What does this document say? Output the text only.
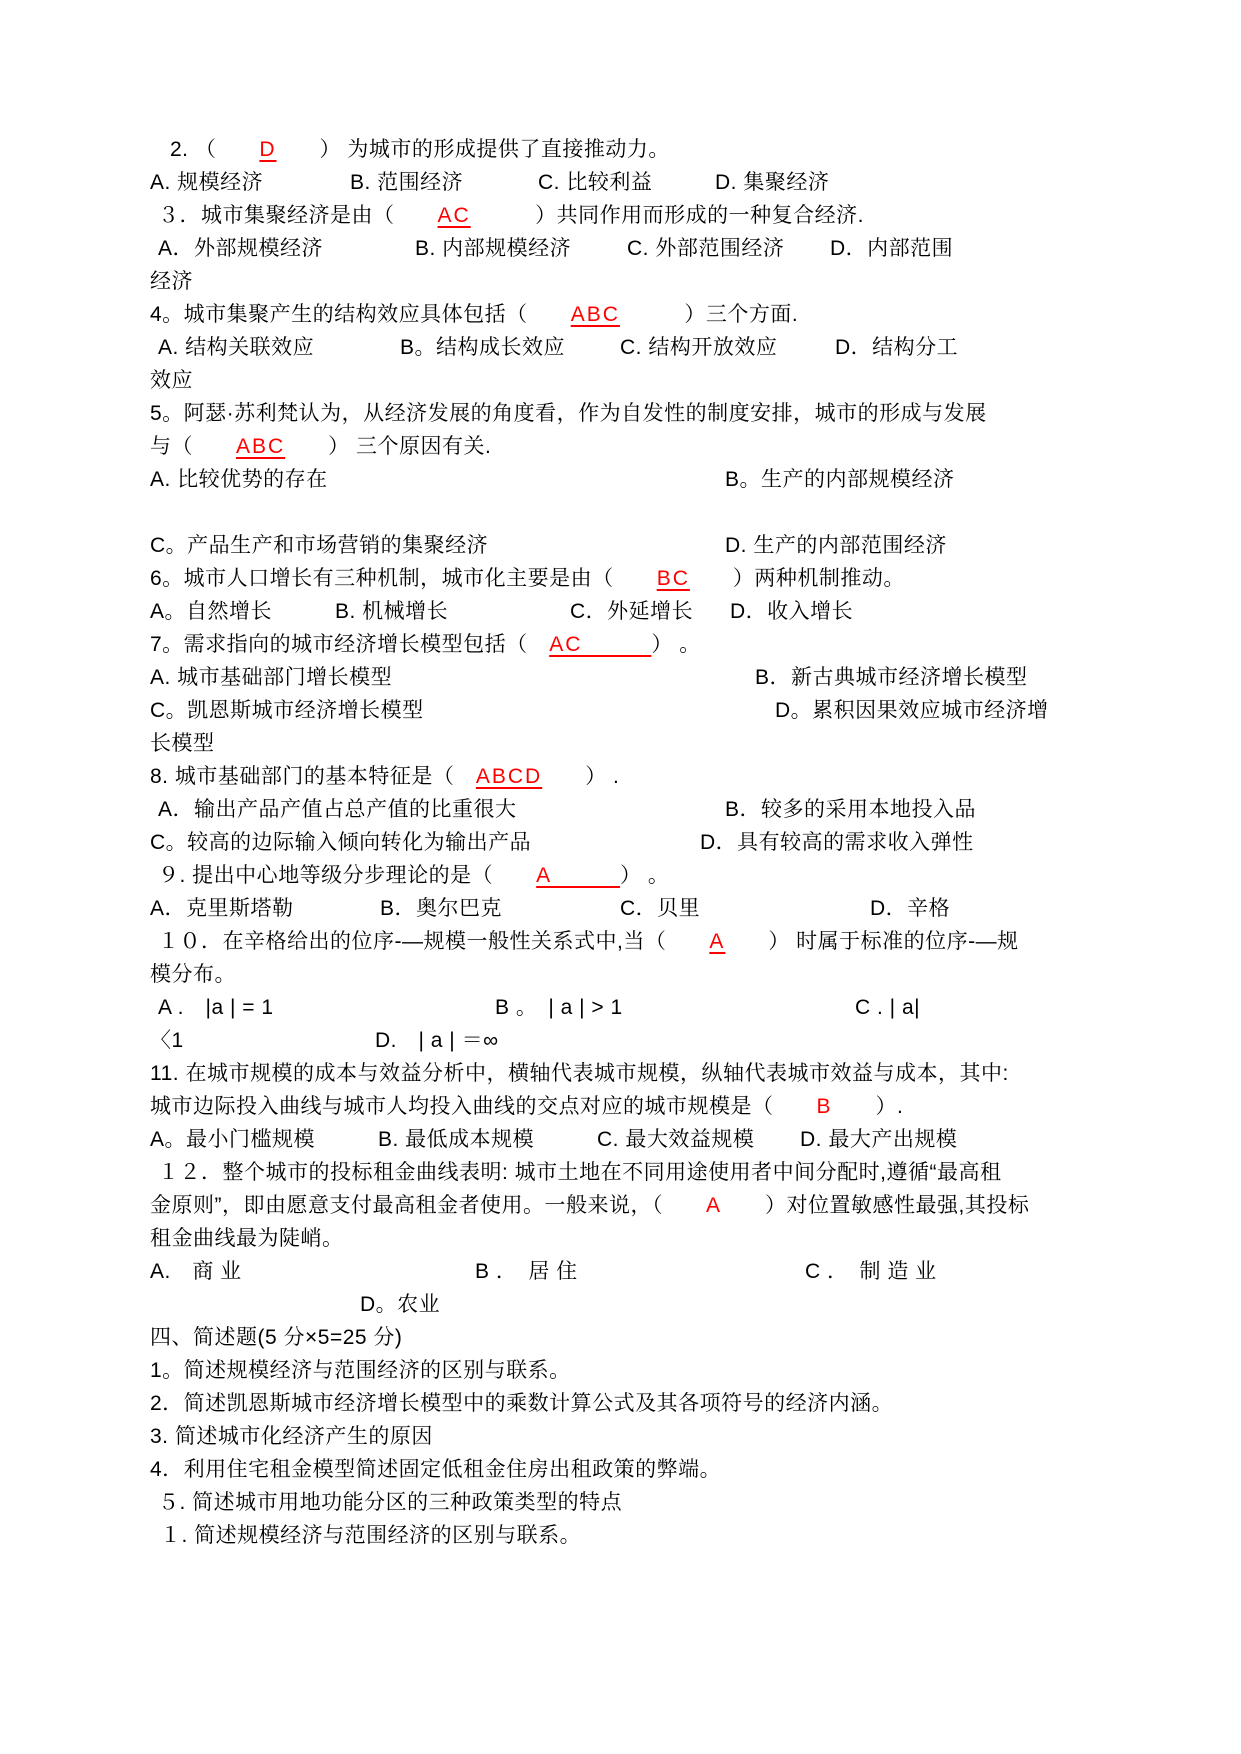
2. （　　D　　） 为城市的形成提供了直接推动力。
A. 规模经济	B. 范围经济	C. 比较利益	D. 集聚经济
３．城市集聚经济是由（　　AC　　　）共同作用而形成的一种复合经济.
A．外部规模经济	B. 内部规模经济	C. 外部范围经济 D．内部范围
经济
4。城市集聚产生的结构效应具体包括（　　ABC　　　）三个方面.
A. 结构关联效应	B。结构成长效应	C. 结构开放效应	D．结构分工
效应
5。阿瑟·苏利梵认为，从经济发展的角度看，作为自发性的制度安排，城市的形成与发展
与（　　ABC　　） 三个原因有关.
A. 比较优势的存在	B。生产的内部规模经济
C。产品生产和市场营销的集聚经济	D. 生产的内部范围经济
6。城市人口增长有三种机制，城市化主要是由（　　BC　　）两种机制推动。
A。自然增长	B. 机械增长	C．外延增长 D．收入增长
7。需求指向的城市经济增长模型包括（　AC　　　） 。
A. 城市基础部门增长模型	B．新古典城市经济增长模型
C。凯恩斯城市经济增长模型	D。累积因果效应城市经济增
长模型
8. 城市基础部门的基本特征是（　ABCD　　） .
A．输出产品产值占总产值的比重很大	B．较多的采用本地投入品
C。较高的边际输入倾向转化为输出产品	D．具有较高的需求收入弹性
９. 提出中心地等级分步理论的是（　　A　　　） 。
A．克里斯塔勒	B．奥尔巴克	C．贝里	D．辛格
１０．在辛格给出的位序-—规模一般性关系式中,当（　　A　　） 时属于标准的位序-—规
模分布。
A .　|a | = 1	B 。　| a | > 1	C . | a|
〈1	D.　| a | ＝∞
11. 在城市规模的成本与效益分析中，横轴代表城市规模，纵轴代表城市效益与成本，其中:
城市边际投入曲线与城市人均投入曲线的交点对应的城市规模是（　　B　　）.
A。最小门槛规模	B. 最低成本规模	C. 最大效益规模 D. 最大产出规模
１２．整个城市的投标租金曲线表明: 城市土地在不同用途使用者中间分配时,遵循“最高租
金原则”，即由愿意支付最高租金者使用。一般来说，（　　A　　）对位置敏感性最强,其投标
租金曲线最为陡峭。
A.　商 业	B ．　居 住	C ．　制 造 业
D。农业
四、简述题(5 分×5=25 分)
1。简述规模经济与范围经济的区别与联系。
2．简述凯恩斯城市经济增长模型中的乘数计算公式及其各项符号的经济内涵。
3. 简述城市化经济产生的原因
4．利用住宅租金模型简述固定低租金住房出租政策的弊端。
５. 简述城市用地功能分区的三种政策类型的特点
１. 简述规模经济与范围经济的区别与联系。
